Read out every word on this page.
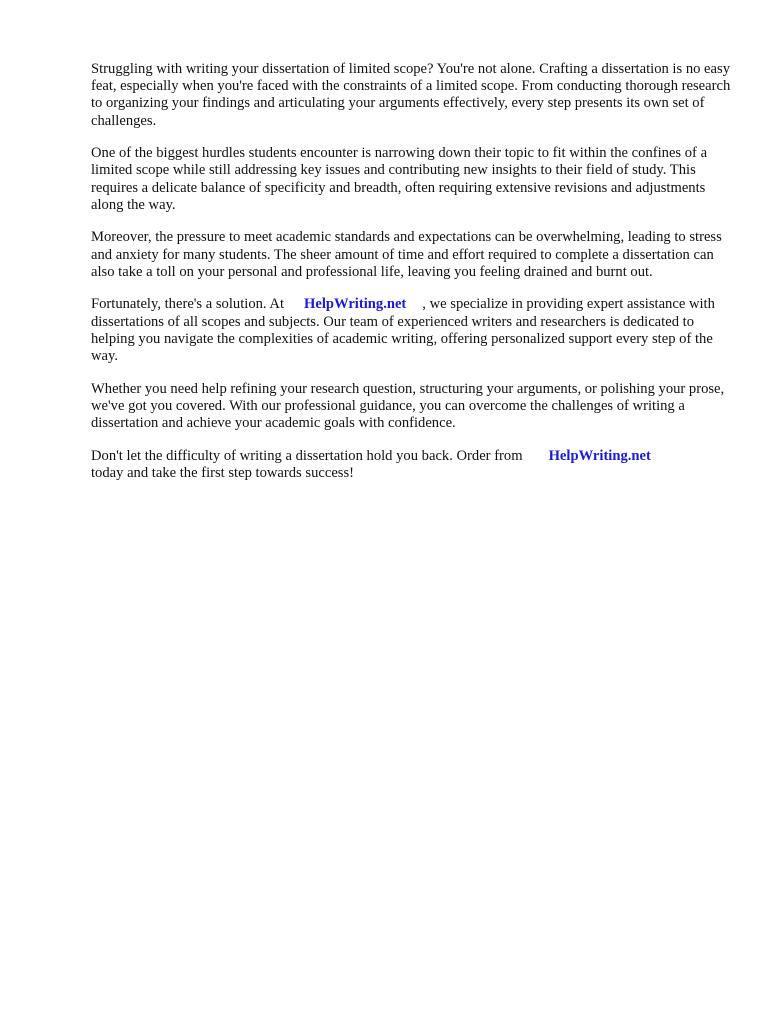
Struggling with writing your dissertation of limited scope? You're not alone. Crafting a dissertation is no easy feat, especially when you're faced with the constraints of a limited scope. From conducting thorough research to organizing your findings and articulating your arguments effectively, every step presents its own set of challenges.

One of the biggest hurdles students encounter is narrowing down their topic to fit within the confines of a limited scope while still addressing key issues and contributing new insights to their field of study. This requires a delicate balance of specificity and breadth, often requiring extensive revisions and adjustments along the way.

Moreover, the pressure to meet academic standards and expectations can be overwhelming, leading to stress and anxiety for many students. The sheer amount of time and effort required to complete a dissertation can also take a toll on your personal and professional life, leaving you feeling drained and burnt out.

Fortunately, there's a solution. At HelpWriting.net , we specialize in providing expert assistance with dissertations of all scopes and subjects. Our team of experienced writers and researchers is dedicated to helping you navigate the complexities of academic writing, offering personalized support every step of the way.

Whether you need help refining your research question, structuring your arguments, or polishing your prose, we've got you covered. With our professional guidance, you can overcome the challenges of writing a dissertation and achieve your academic goals with confidence.

Don't let the difficulty of writing a dissertation hold you back. Order from HelpWriting.net
today and take the first step towards success!
